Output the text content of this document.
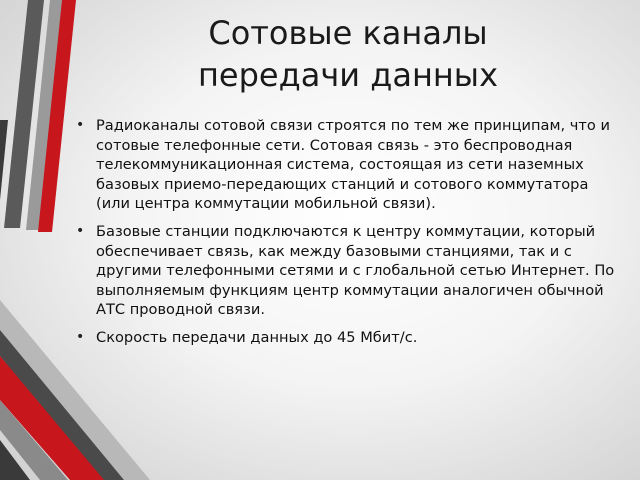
Сотовые каналы
передачи данных
• Радиоканалы сотовой связи строятся по тем же принципам, что и сотовые телефонные сети. Сотовая связь - это беспроводная телекоммуникационная система, состоящая из сети наземных базовых приемо-передающих станций и сотового коммутатора (или центра коммутации мобильной связи).
• Базовые станции подключаются к центру коммутации, который обеспечивает связь, как между базовыми станциями, так и с другими телефонными сетями и с глобальной сетью Интернет. По выполняемым функциям центр коммутации аналогичен обычной АТС проводной связи.
• Скорость передачи данных до 45 Мбит/с.
